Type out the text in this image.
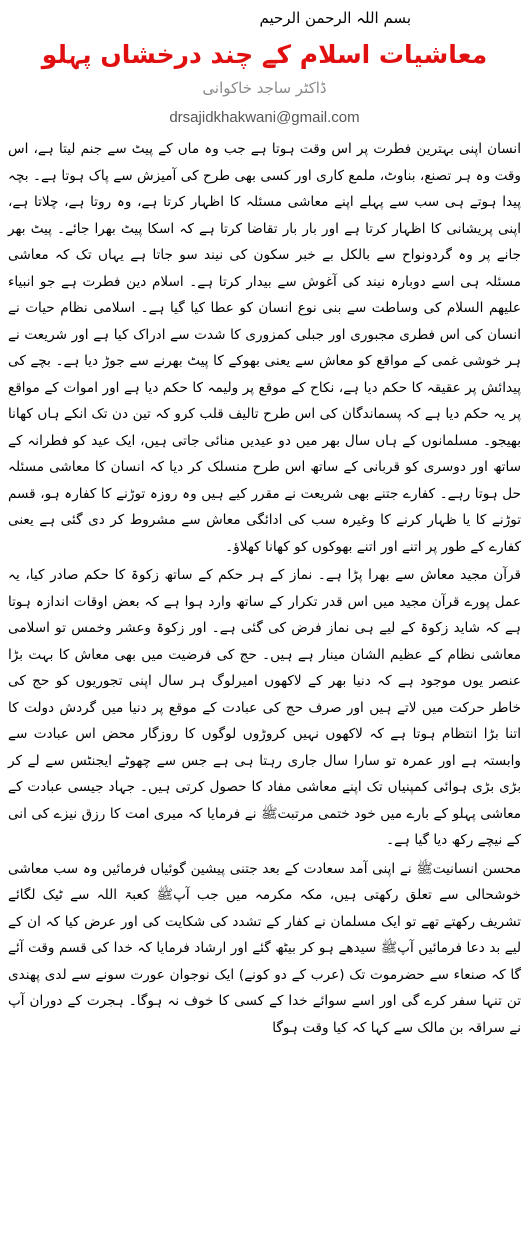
بسم اللہ الرحمن الرحیم

معاشیات اسلام کے چند درخشاں پہلو

ڈاکٹر ساجد خاکوانی

drsajidkhakwani@gmail.com

انسان اپنی بہترین فطرت پر اس وقت ہوتا ہے جب وہ ماں کے پیٹ سے جنم لیتا ہے، اس وقت وہ ہر تصنع، بناوٹ، ملمع کاری اور کسی بھی طرح کی آمیزش سے پاک ہوتا ہے۔ بچہ پیدا ہوتے ہی سب سے پہلے اپنے معاشی مسئلہ کا اظہار کرتا ہے، وہ روتا ہے، چلاتا ہے، اپنی پریشانی کا اظہار کرتا ہے اور بار بار تقاضا کرتا ہے کہ اسکا پیٹ بھرا جائے۔ پیٹ بھر جانے پر وہ گردونواح سے بالکل بے خبر سکون کی نیند سو جاتا ہے یہاں تک کہ معاشی مسئلہ ہی اسے دوبارہ نیند کی آغوش سے بیدار کرتا ہے۔ اسلام دین فطرت ہے جو انبیاء علیھم السلام کی وساطت سے بنی نوع انسان کو عطا کیا گیا ہے۔ اسلامی نظام حیات نے انسان کی اس فطری مجبوری اور جبلی کمزوری کا شدت سے ادراک کیا ہے اور شریعت نے ہر خوشی غمی کے مواقع کو معاش سے یعنی بھوکے کا پیٹ بھرنے سے جوڑ دیا ہے۔ بچے کی پیدائش پر عقیقہ کا حکم دیا ہے، نکاح کے موقع پر ولیمہ کا حکم دیا ہے اور اموات کے مواقع پر یہ حکم دیا ہے کہ پسماندگان کی اس طرح تالیف قلب کرو کہ تین دن تک انکے ہاں کھانا بھیجو۔ مسلمانوں کے ہاں سال بھر میں دو عیدیں منائی جاتی ہیں، ایک عید کو فطرانہ کے ساتھ اور دوسری کو قربانی کے ساتھ اس طرح منسلک کر دیا کہ انسان کا معاشی مسئلہ حل ہوتا رہے۔ کفارے جتنے بھی شریعت نے مقرر کیے ہیں وہ روزہ توڑنے کا کفارہ ہو، قسم توڑنے کا یا ظہار کرنے کا وغیرہ سب کی ادائگی معاش سے مشروط کر دی گئی ہے یعنی کفارے کے طور پر اتنے اور اتنے بھوکوں کو کھانا کھلاؤ۔

قرآن مجید معاش سے بھرا پڑا ہے۔ نماز کے ہر حکم کے ساتھ زکوۃ کا حکم صادر کیا، یہ عمل پورے قرآن مجید میں اس قدر تکرار کے ساتھ وارد ہوا ہے کہ بعض اوقات اندازہ ہوتا ہے کہ شاید زکوۃ کے لیے ہی نماز فرض کی گئی ہے۔ اور زکوۃ وعشر وخمس تو اسلامی معاشی نظام کے عظیم الشان مینار ہے ہیں۔ حج کی فرضیت میں بھی معاش کا بہت بڑا عنصر یوں موجود ہے کہ دنیا بھر کے لاکھوں امیرلوگ ہر سال اپنی تجوریوں کو حج کی خاطر حرکت میں لاتے ہیں اور صرف حج کی عبادت کے موقع پر دنیا میں گردش دولت کا اتنا بڑا انتظام ہوتا ہے کہ لاکھوں نہیں کروڑوں لوگوں کا روزگار محض اس عبادت سے وابستہ ہے اور عمرہ تو سارا سال جاری رہتا ہی ہے جس سے چھوٹے ایجنٹس سے لے کر بڑی بڑی ہوائی کمپنیاں تک اپنے معاشی مفاد کا حصول کرتی ہیں۔ جہاد جیسی عبادت کے معاشی پہلو کے بارے میں خود ختمی مرتبتﷺ نے فرمایا کہ میری امت کا رزق نیزے کی انی کے نیچے رکھ دیا گیا ہے۔

محسن انسانیتﷺ نے اپنی آمد سعادت کے بعد جتنی پیشین گوئیاں فرمائیں وہ سب معاشی خوشحالی سے تعلق رکھتی ہیں، مکہ مکرمہ میں جب آپﷺ کعبۃ اللہ سے ٹیک لگائے تشریف رکھتے تھے تو ایک مسلمان نے کفار کے تشدد کی شکایت کی اور عرض کیا کہ ان کے لیے بد دعا فرمائیں آپﷺ سیدھے ہو کر بیٹھ گئے اور ارشاد فرمایا کہ خدا کی قسم وقت آئے گا کہ صنعاء سے حضرموت تک (عرب کے دو کونے) ایک نوجوان عورت سونے سے لدی پھندی تن تنہا سفر کرے گی اور اسے سوائے خدا کے کسی کا خوف نہ ہوگا۔ ہجرت کے دوران آپ نے سراقہ بن مالک سے کہا کہ کیا وقت ہوگا
